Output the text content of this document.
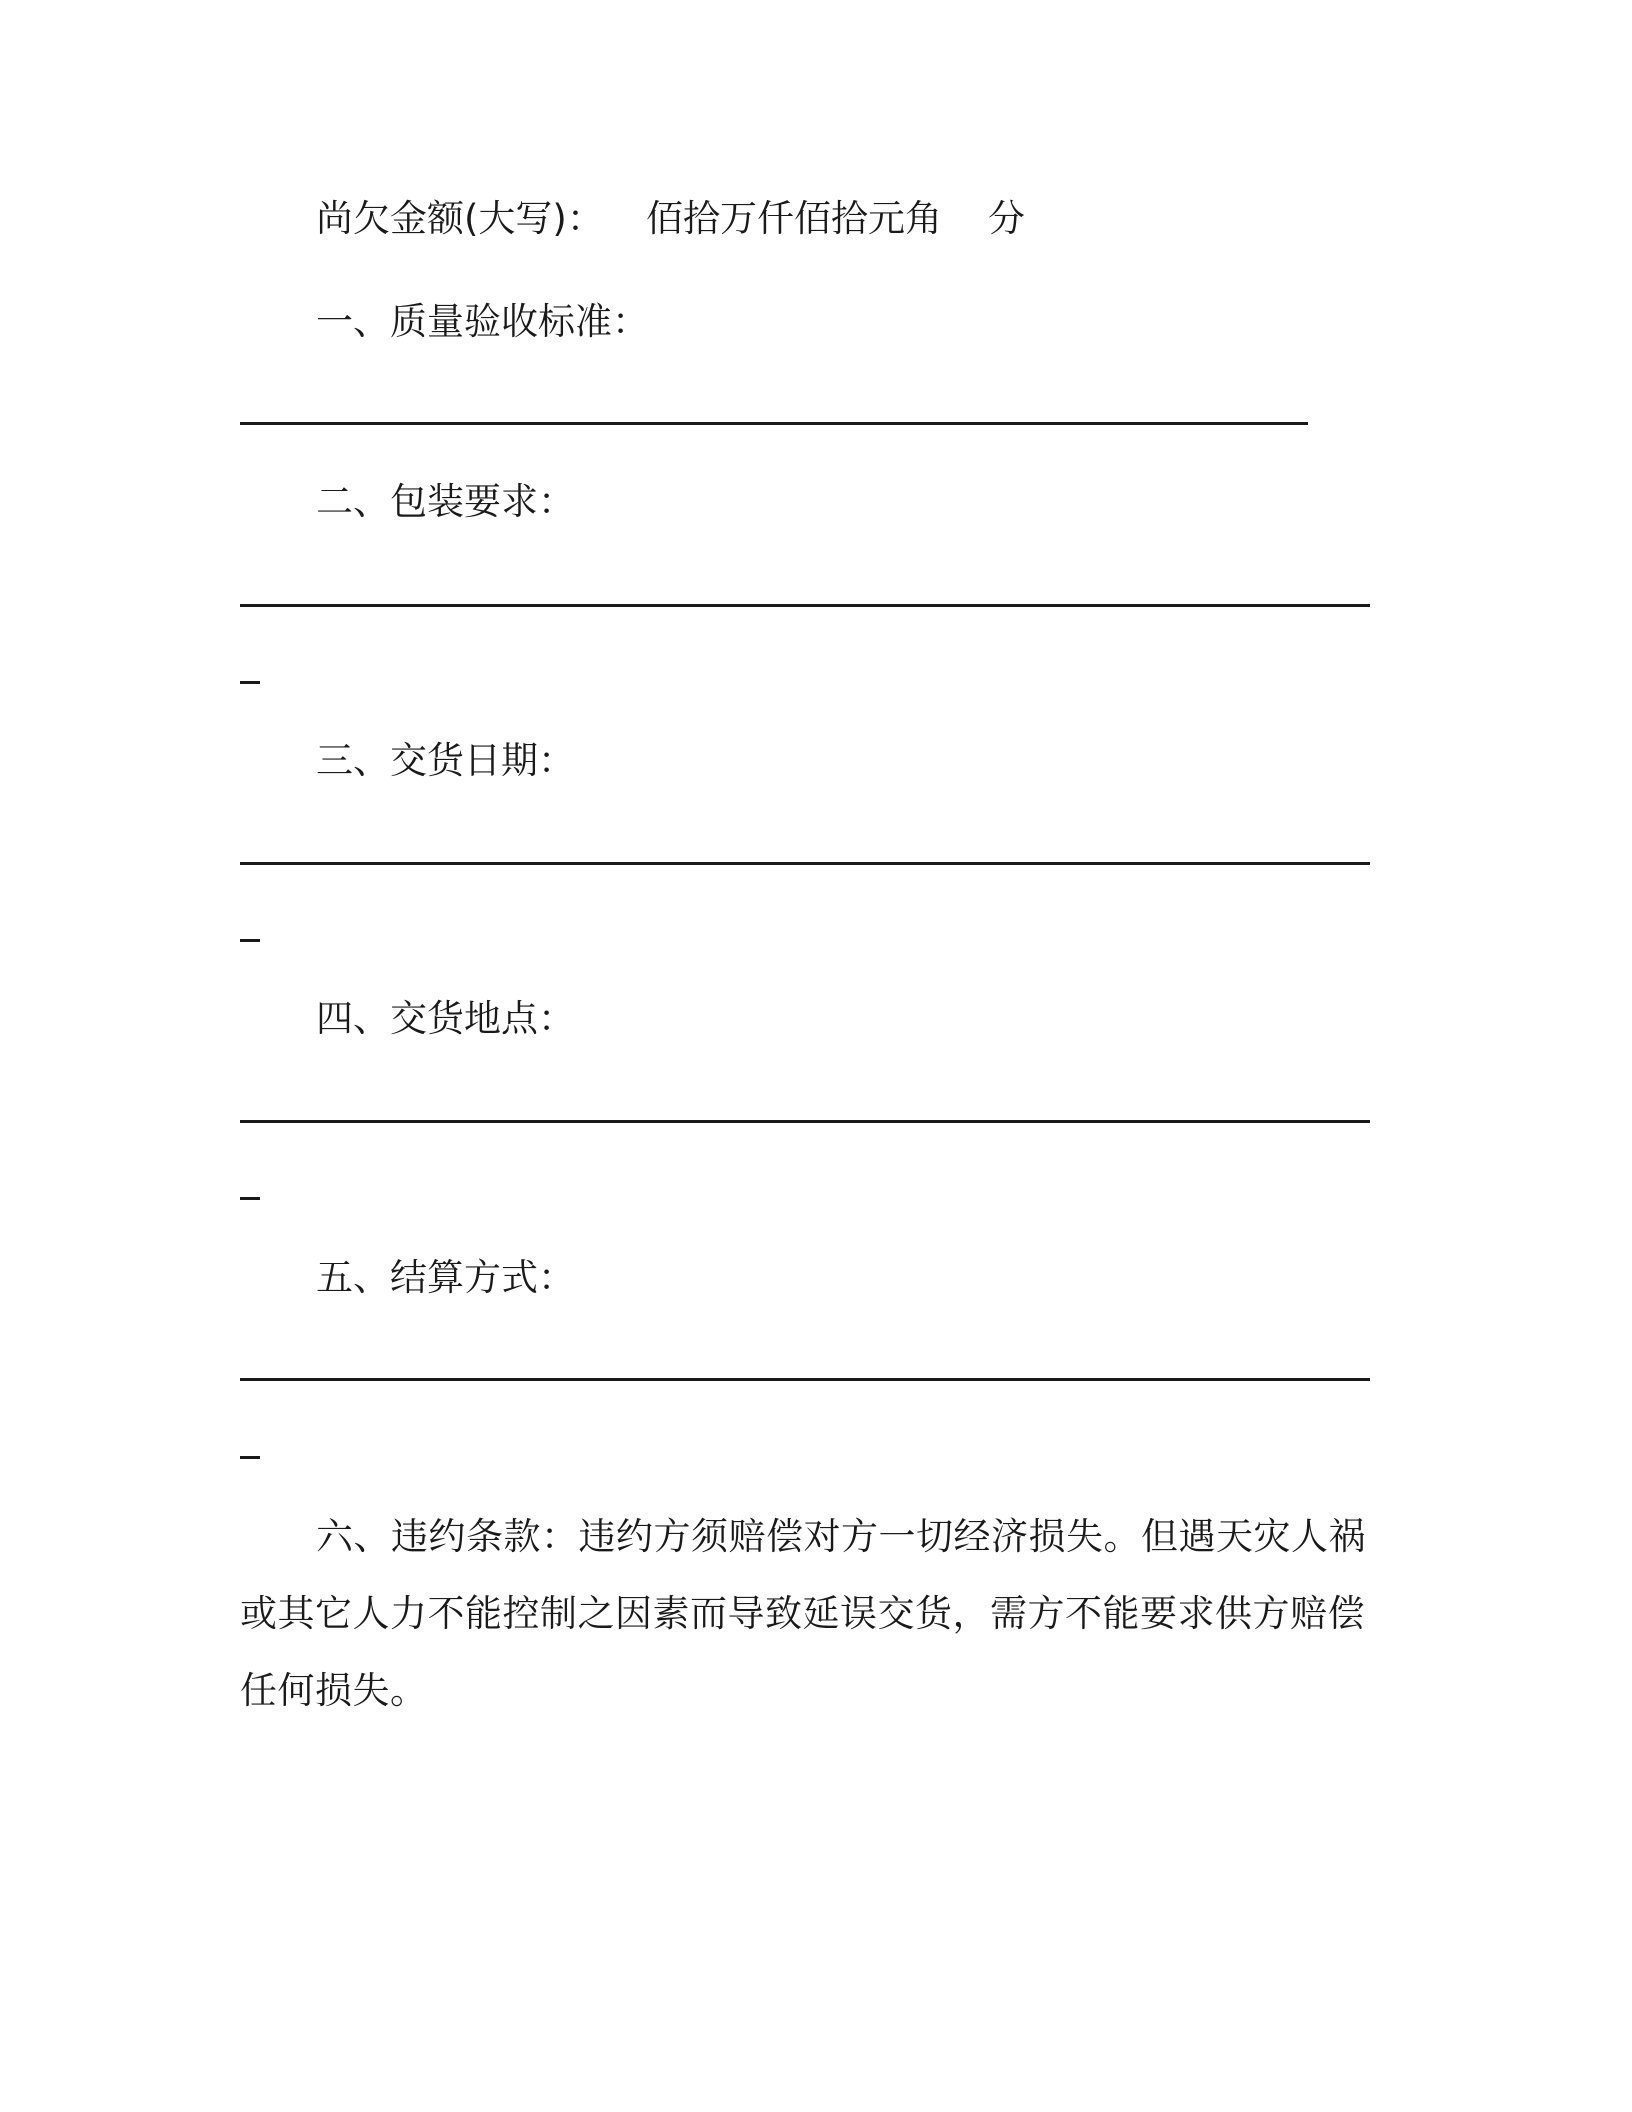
尚欠金额(大写)： 佰拾万仟佰拾元角 分
一、质量验收标准：
二、包装要求：
三、交货日期：
四、交货地点：
五、结算方式：
六、违约条款：违约方须赔偿对方一切经济损失。但遇天灾人祸或其它人力不能控制之因素而导致延误交货，需方不能要求供方赔偿任何损失。
